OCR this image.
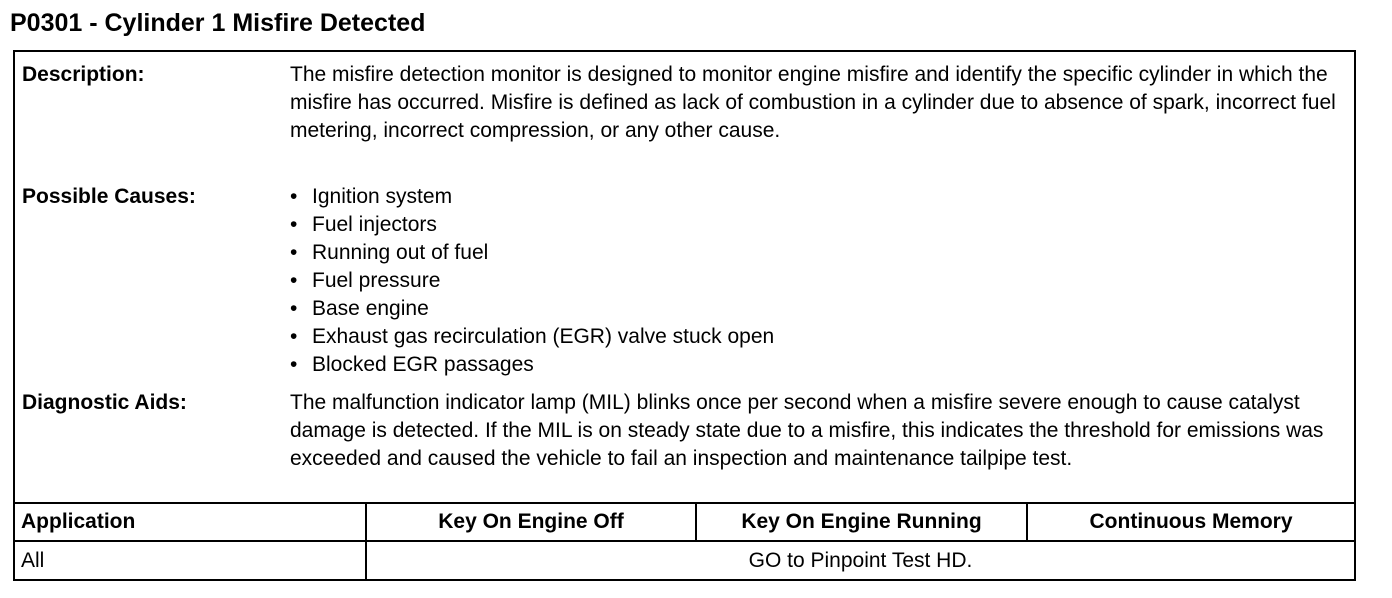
P0301 - Cylinder 1 Misfire Detected
Description:	The misfire detection monitor is designed to monitor engine misfire and identify the specific cylinder in which the misfire has occurred. Misfire is defined as lack of combustion in a cylinder due to absence of spark, incorrect fuel metering, incorrect compression, or any other cause.
Possible Causes:	• Ignition system
• Fuel injectors
• Running out of fuel
• Fuel pressure
• Base engine
• Exhaust gas recirculation (EGR) valve stuck open
• Blocked EGR passages
Diagnostic Aids:	The malfunction indicator lamp (MIL) blinks once per second when a misfire severe enough to cause catalyst damage is detected. If the MIL is on steady state due to a misfire, this indicates the threshold for emissions was exceeded and caused the vehicle to fail an inspection and maintenance tailpipe test.
Application	Key On Engine Off	Key On Engine Running	Continuous Memory
All	GO to Pinpoint Test HD.		
